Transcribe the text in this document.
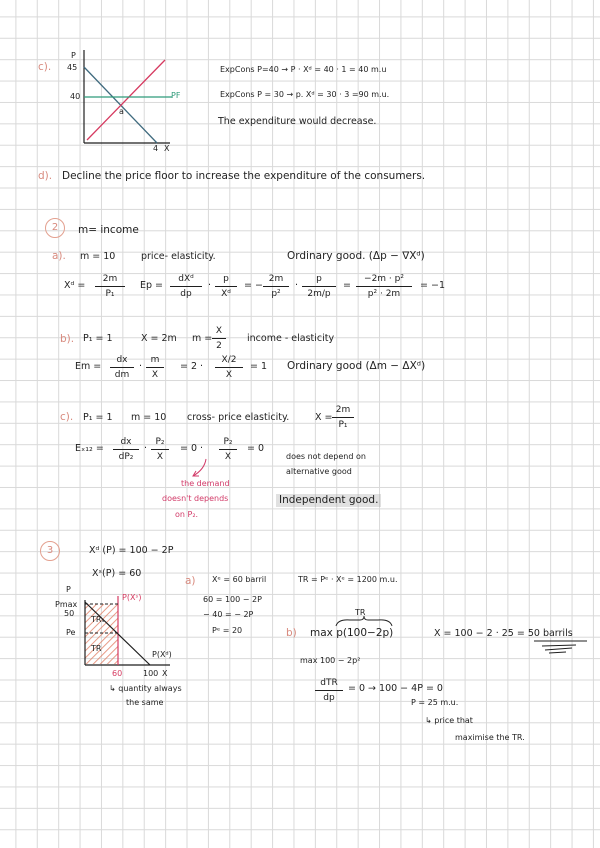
c).
P
45
40
a
4 X
PF
ExpCons P=40 → P · Xᵈ = 40 · 1 = 40 m.u
ExpCons P = 30 → p. Xᵈ = 30 · 3 =90 m.u.
The expenditure would decrease.
d). Decline the price floor to increase the expenditure of the consumers.
2	m= income
a). m = 10	price- elasticity.	Ordinary good. (Δp − ∇Xᵈ)
Xᵈ = $\frac{2m}{\text{P₁}}$ Ep =
dXᵈ
dp
· $\frac{p}{\text{Xᵈ}}$ = − $\frac{2m}{\text{p²}} \cdot \frac{p}{2m/p} = \frac{\text{−2m · p²}}{\text{p² · 2m}} = -1$
b). P₁ = 1	X = 2m $m = \frac{X}{2}$ income - elasticity
$Em = \frac{dx}{dm} \cdot \frac{m}{X} = 2 \cdot \frac{X/2}{X} = 1$ Ordinary good (Δm − ΔXᵈ)
c). P₁ = 1 m = 10 cross- price elasticity.	$X = \frac{2m}{\text{P₁}}$
$E_{x12} = \frac{dx}{\text{dP₂}} \cdot \frac{\text{P₂}}{X} = 0 \cdot \frac{\text{P₂}}{X} = 0$
does not depend on
alternative good
the demand
doesn't depends
on P₂.
Independent good.
3	Xᵈ (P) = 100 − 2P
Xˢ(P) = 60
P
Pmax
50
Pe
TRₛ
TR
P(Xˢ)
P(Xᵈ)
60	100 X
↳ quantity always
the same
a) Xᵉ = 60 barril	TR = Pᵉ · Xᵉ = 1200 m.u.
60 = 100 − 2P
− 40 = − 2P
Pᵉ = 20	b)
TR
max p(100−2p)
max 100 − 2p²
dTR
dp
= 0 → 100 − 4P = 0
P = 25 m.u.
↳ price that
maximise the TR.
X = 100 − 2 · 25 = 50 barrils
